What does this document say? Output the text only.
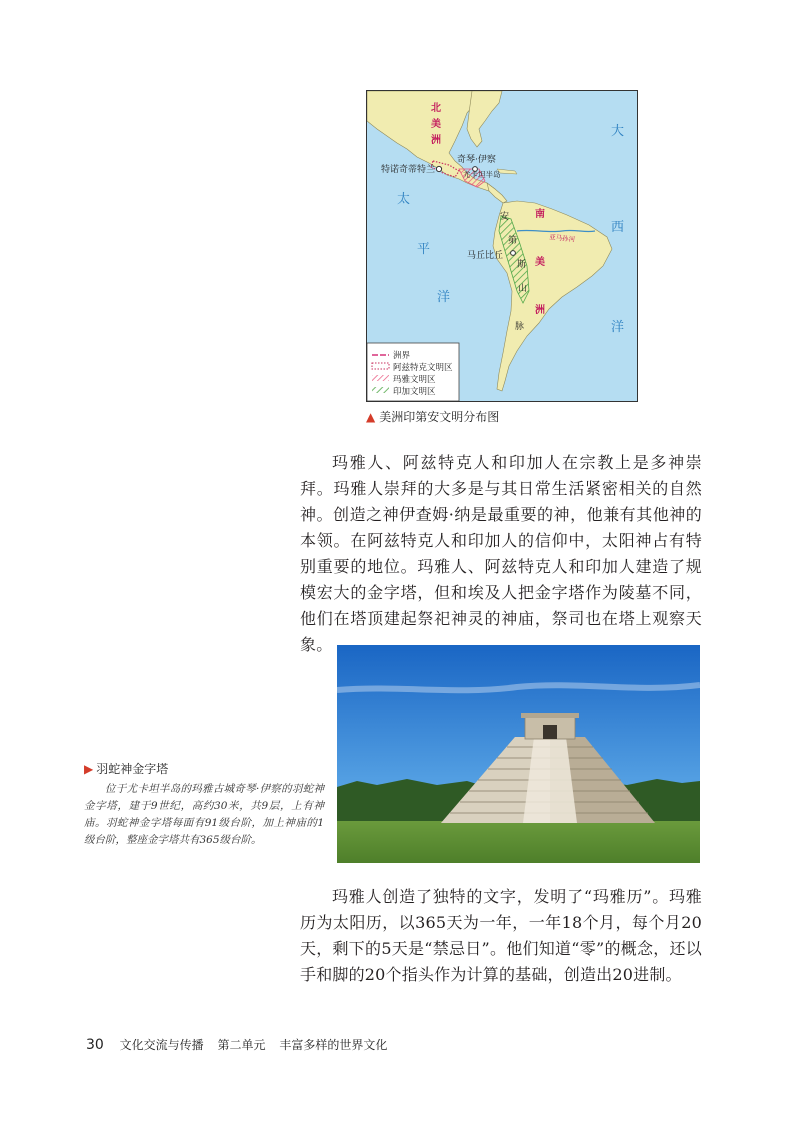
北
美
洲
南
美
洲
大
西
洋
太
平
洋
安
第
斯
山
脉
亚马孙河
特诺奇蒂特兰
奇琴·伊察
尤卡坦半岛
马丘比丘
洲界
阿兹特克文明区
玛雅文明区
印加文明区
▲ 美洲印第安文明分布图

玛雅人、阿兹特克人和印加人在宗教上是多神崇拜。玛雅人崇拜的大多是与其日常生活紧密相关的自然神。创造之神伊查姆·纳是最重要的神，他兼有其他神的本领。在阿兹特克人和印加人的信仰中，太阳神占有特别重要的地位。玛雅人、阿兹特克人和印加人建造了规模宏大的金字塔，但和埃及人把金字塔作为陵墓不同，他们在塔顶建起祭祀神灵的神庙，祭司也在塔上观察天象。

▶ 羽蛇神金字塔
位于尤卡坦半岛的玛雅古城奇琴·伊察的羽蛇神金字塔，建于9世纪，高约30米，共9层，上有神庙。羽蛇神金字塔每面有91级台阶，加上神庙的1级台阶，整座金字塔共有365级台阶。

玛雅人创造了独特的文字，发明了“玛雅历”。玛雅历为太阳历，以365天为一年，一年18个月，每个月20天，剩下的5天是“禁忌日”。他们知道“零”的概念，还以手和脚的20个指头作为计算的基础，创造出20进制。

30 文化交流与传播 第二单元 丰富多样的世界文化
